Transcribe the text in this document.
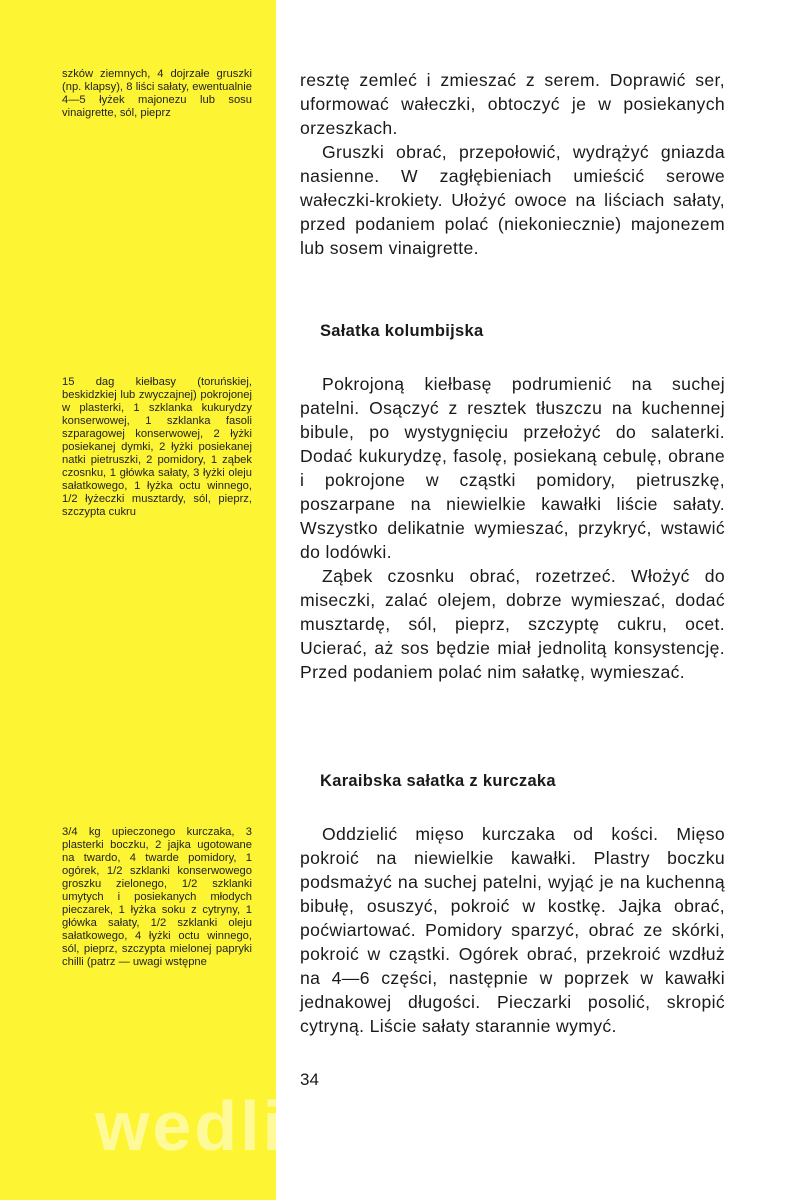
szków ziemnych, 4 dojrzałe gruszki (np. klapsy), 8 liści sałaty, ewentualnie 4—5 łyżek majonezu lub sosu vinaigrette, sól, pieprz

15 dag kiełbasy (toruńskiej, beskidzkiej lub zwyczajnej) pokrojonej w plasterki, 1 szklanka kukurydzy konserwowej, 1 szklanka fasoli szparagowej konserwowej, 2 łyżki posiekanej dymki, 2 łyżki posiekanej natki pietruszki, 2 pomidory, 1 ząbek czosnku, 1 główka sałaty, 3 łyżki oleju sałatkowego, 1 łyżka octu winnego, 1/2 łyżeczki musztardy, sól, pieprz, szczypta cukru

3/4 kg upieczonego kurczaka, 3 plasterki boczku, 2 jajka ugotowane na twardo, 4 twarde pomidory, 1 ogórek, 1/2 szklanki konserwowego groszku zielonego, 1/2 szklanki umytych i posiekanych młodych pieczarek, 1 łyżka soku z cytryny, 1 główka sałaty, 1/2 szklanki oleju sałatkowego, 4 łyżki octu winnego, sól, pieprz, szczypta mielonej papryki chilli (patrz — uwagi wstępne

resztę zemleć i zmieszać z serem. Doprawić ser, uformować wałeczki, obtoczyć je w posiekanych orzeszkach.

Gruszki obrać, przepołowić, wydrążyć gniazda nasienne. W zagłębieniach umieścić serowe wałeczki-krokiety. Ułożyć owoce na liściach sałaty, przed podaniem polać (niekoniecznie) majonezem lub sosem vinaigrette.

Sałatka kolumbijska

Pokrojoną kiełbasę podrumienić na suchej patelni. Osączyć z resztek tłuszczu na kuchennej bibule, po wystygnięciu przełożyć do salaterki. Dodać kukurydzę, fasolę, posiekaną cebulę, obrane i pokrojone w cząstki pomidory, pietruszkę, poszarpane na niewielkie kawałki liście sałaty. Wszystko delikatnie wymieszać, przykryć, wstawić do lodówki.

Ząbek czosnku obrać, rozetrzeć. Włożyć do miseczki, zalać olejem, dobrze wymieszać, dodać musztardę, sól, pieprz, szczyptę cukru, ocet. Ucierać, aż sos będzie miał jednolitą konsystencję. Przed podaniem polać nim sałatkę, wymieszać.

Karaibska sałatka z kurczaka

Oddzielić mięso kurczaka od kości. Mięso pokroić na niewielkie kawałki. Plastry boczku podsmażyć na suchej patelni, wyjąć je na kuchenną bibułę, osuszyć, pokroić w kostkę. Jajka obrać, poćwiartować. Pomidory sparzyć, obrać ze skórki, pokroić w cząstki. Ogórek obrać, przekroić wzdłuż na 4—6 części, następnie w poprzek w kawałki jednakowej długości. Pieczarki posolić, skropić cytryną. Liście sałaty starannie wymyć.

34

wedlinydomowe.pl
